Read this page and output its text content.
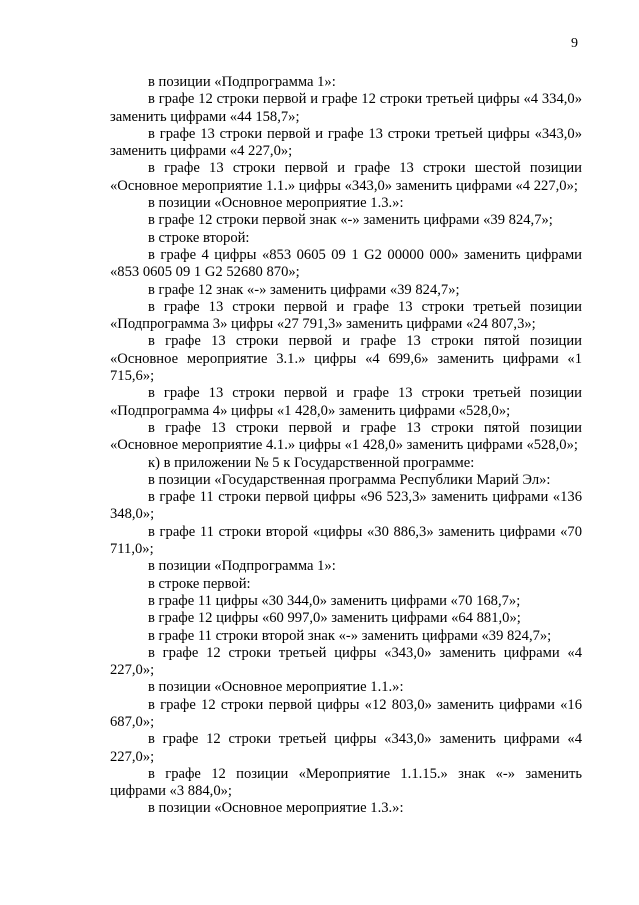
9

в позиции «Подпрограмма 1»:

в графе 12 строки первой и графе 12 строки третьей цифры «4 334,0» заменить цифрами «44 158,7»;

в графе 13 строки первой и графе 13 строки третьей цифры «343,0» заменить цифрами «4 227,0»;

в графе 13 строки первой и графе 13 строки шестой позиции «Основное мероприятие 1.1.» цифры «343,0» заменить цифрами «4 227,0»;

в позиции «Основное мероприятие 1.3.»:

в графе 12 строки первой знак «-» заменить цифрами «39 824,7»;

в строке второй:

в графе 4 цифры «853 0605 09 1 G2 00000 000» заменить цифрами «853 0605 09 1 G2 52680 870»;

в графе 12 знак «-» заменить цифрами «39 824,7»;

в графе 13 строки первой и графе 13 строки третьей позиции «Подпрограмма 3» цифры «27 791,3» заменить цифрами «24 807,3»;

в графе 13 строки первой и графе 13 строки пятой позиции «Основное мероприятие 3.1.» цифры «4 699,6» заменить цифрами «1 715,6»;

в графе 13 строки первой и графе 13 строки третьей позиции «Подпрограмма 4» цифры «1 428,0» заменить цифрами «528,0»;

в графе 13 строки первой и графе 13 строки пятой позиции «Основное мероприятие 4.1.» цифры «1 428,0» заменить цифрами «528,0»;

к) в приложении № 5 к Государственной программе:

в позиции «Государственная программа Республики Марий Эл»:

в графе 11 строки первой цифры «96 523,3» заменить цифрами «136 348,0»;

в графе 11 строки второй «цифры «30 886,3» заменить цифрами «70 711,0»;

в позиции «Подпрограмма 1»:

в строке первой:

в графе 11 цифры «30 344,0» заменить цифрами «70 168,7»;

в графе 12 цифры «60 997,0» заменить цифрами «64 881,0»;

в графе 11 строки второй знак «-» заменить цифрами «39 824,7»;

в графе 12 строки третьей цифры «343,0» заменить цифрами «4 227,0»;

в позиции «Основное мероприятие 1.1.»:

в графе 12 строки первой цифры «12 803,0» заменить цифрами «16 687,0»;

в графе 12 строки третьей цифры «343,0» заменить цифрами «4 227,0»;

в графе 12 позиции «Мероприятие 1.1.15.» знак «-» заменить цифрами «3 884,0»;

в позиции «Основное мероприятие 1.3.»:
